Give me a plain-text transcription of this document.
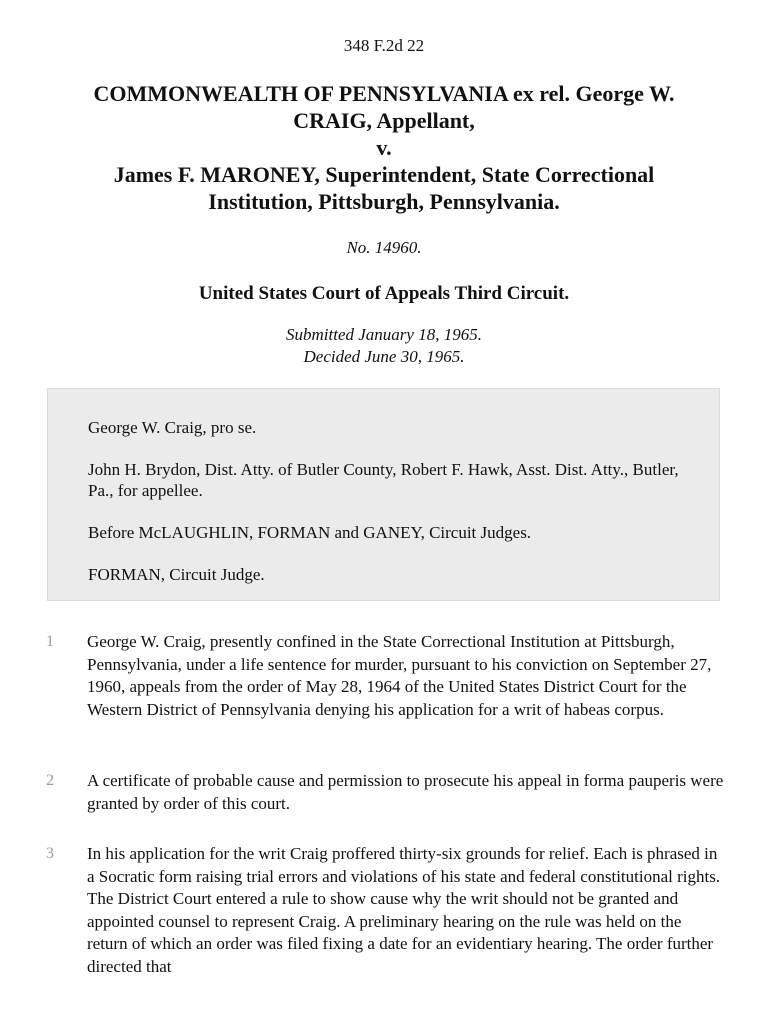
348 F.2d 22
COMMONWEALTH OF PENNSYLVANIA ex rel. George W.
CRAIG, Appellant,
v.
James F. MARONEY, Superintendent, State Correctional
Institution, Pittsburgh, Pennsylvania.
No. 14960.
United States Court of Appeals Third Circuit.
Submitted January 18, 1965.
Decided June 30, 1965.

George W. Craig, pro se.

John H. Brydon, Dist. Atty. of Butler County, Robert F. Hawk, Asst. Dist. Atty., Butler, Pa., for appellee.

Before McLAUGHLIN, FORMAN and GANEY, Circuit Judges.

FORMAN, Circuit Judge.

1 George W. Craig, presently confined in the State Correctional Institution at Pittsburgh, Pennsylvania, under a life sentence for murder, pursuant to his conviction on September 27, 1960, appeals from the order of May 28, 1964 of the United States District Court for the Western District of Pennsylvania denying his application for a writ of habeas corpus.

2 A certificate of probable cause and permission to prosecute his appeal in forma pauperis were granted by order of this court.

3 In his application for the writ Craig proffered thirty-six grounds for relief. Each is phrased in a Socratic form raising trial errors and violations of his state and federal constitutional rights. The District Court entered a rule to show cause why the writ should not be granted and appointed counsel to represent Craig. A preliminary hearing on the rule was held on the return of which an order was filed fixing a date for an evidentiary hearing. The order further directed that
